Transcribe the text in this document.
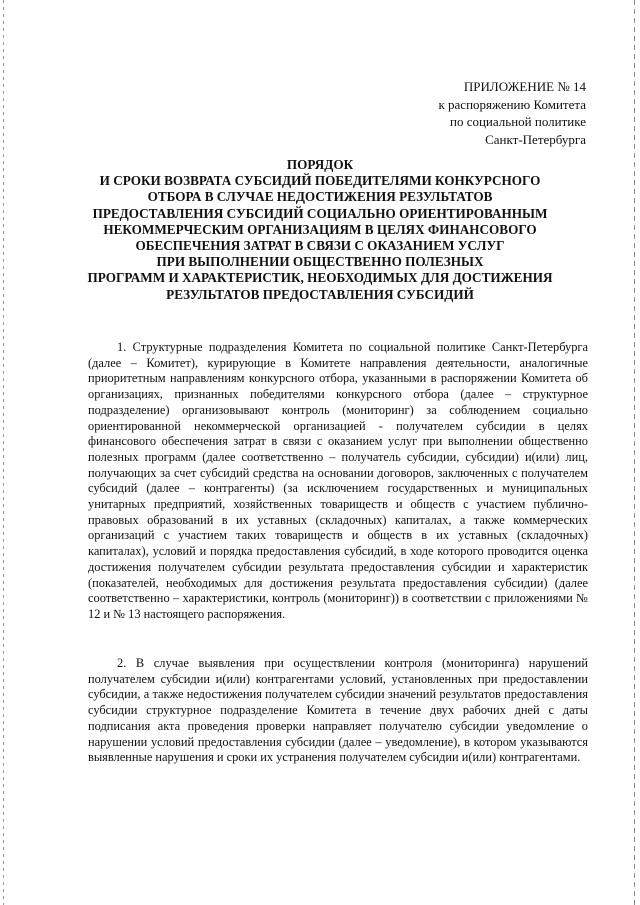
ПРИЛОЖЕНИЕ № 14
к распоряжению Комитета
по социальной политике
Санкт-Петербурга
ПОРЯДОК
И СРОКИ ВОЗВРАТА СУБСИДИЙ ПОБЕДИТЕЛЯМИ КОНКУРСНОГО
ОТБОРА В СЛУЧАЕ НЕДОСТИЖЕНИЯ РЕЗУЛЬТАТОВ
ПРЕДОСТАВЛЕНИЯ СУБСИДИЙ СОЦИАЛЬНО ОРИЕНТИРОВАННЫМ
НЕКОММЕРЧЕСКИМ ОРГАНИЗАЦИЯМ В ЦЕЛЯХ ФИНАНСОВОГО
ОБЕСПЕЧЕНИЯ ЗАТРАТ В СВЯЗИ С ОКАЗАНИЕМ УСЛУГ
ПРИ ВЫПОЛНЕНИИ ОБЩЕСТВЕННО ПОЛЕЗНЫХ
ПРОГРАММ И ХАРАКТЕРИСТИК, НЕОБХОДИМЫХ ДЛЯ ДОСТИЖЕНИЯ
РЕЗУЛЬТАТОВ ПРЕДОСТАВЛЕНИЯ СУБСИДИЙ

1. Структурные подразделения Комитета по социальной политике Санкт-Петербурга (далее – Комитет), курирующие в Комитете направления деятельности, аналогичные приоритетным направлениям конкурсного отбора, указанными в распоряжении Комитета об организациях, признанных победителями конкурсного отбора (далее – структурное подразделение) организовывают контроль (мониторинг) за соблюдением социально ориентированной некоммерческой организацией - получателем субсидии в целях финансового обеспечения затрат в связи с оказанием услуг при выполнении общественно полезных программ (далее соответственно – получатель субсидии, субсидии) и(или) лиц, получающих за счет субсидий средства на основании договоров, заключенных с получателем субсидий (далее – контрагенты) (за исключением государственных и муниципальных унитарных предприятий, хозяйственных товариществ и обществ с участием публично-правовых образований в их уставных (складочных) капиталах, а также коммерческих организаций с участием таких товариществ и обществ в их уставных (складочных) капиталах), условий и порядка предоставления субсидий, в ходе которого проводится оценка достижения получателем субсидии результата предоставления субсидии и характеристик (показателей, необходимых для достижения результата предоставления субсидии) (далее соответственно – характеристики, контроль (мониторинг)) в соответствии с приложениями № 12 и № 13 настоящего распоряжения.

2. В случае выявления при осуществлении контроля (мониторинга) нарушений получателем субсидии и(или) контрагентами условий, установленных при предоставлении субсидии, а также недостижения получателем субсидии значений результатов предоставления субсидии структурное подразделение Комитета в течение двух рабочих дней с даты подписания акта проведения проверки направляет получателю субсидии уведомление о нарушении условий предоставления субсидии (далее – уведомление), в котором указываются выявленные нарушения и сроки их устранения получателем субсидии и(или) контрагентами.
